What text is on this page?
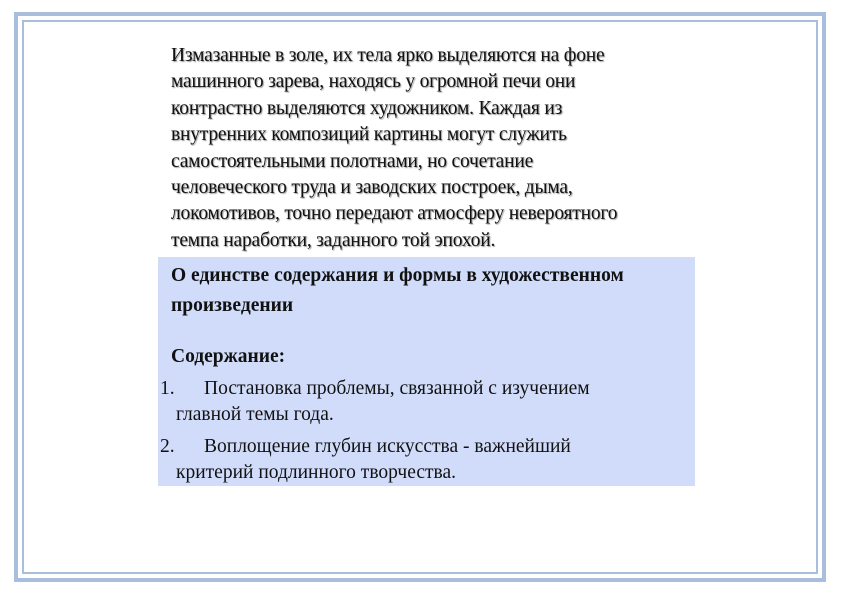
Измазанные в золе, их тела ярко выделяются на фоне
машинного зарева, находясь у огромной печи они
контрастно выделяются художником. Каждая из
внутренних композиций картины могут служить
самостоятельными полотнами, но сочетание
человеческого труда и заводских построек, дыма,
локомотивов, точно передают атмосферу невероятного
темпа наработки, заданного той эпохой.
О единстве содержания и формы в художественном
произведении
Содержание:
1.	Постановка проблемы, связанной с изучением
главной темы года.
2.	Воплощение глубин искусства - важнейший
критерий подлинного творчества.
